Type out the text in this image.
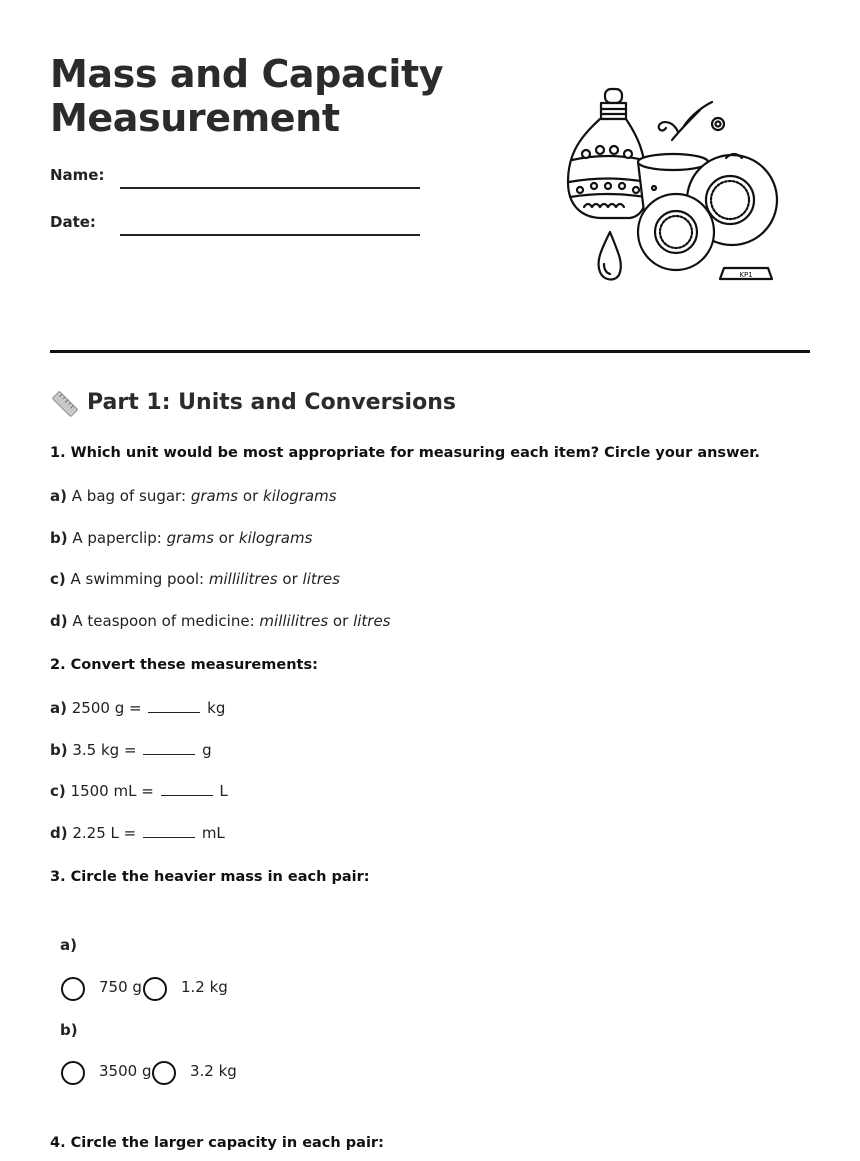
Mass and Capacity
Measurement
Name:
Date:
KP1
Part 1: Units and Conversions
1. Which unit would be most appropriate for measuring each item? Circle your answer.
a) A bag of sugar: grams or kilograms
b) A paperclip: grams or kilograms
c) A swimming pool: millilitres or litres
d) A teaspoon of medicine: millilitres or litres
2. Convert these measurements:
a) 2500 g =	kg
b) 3.5 kg =	g
c) 1500 mL =	L
d) 2.25 L =	mL
3. Circle the heavier mass in each pair:
a)
750 g	1.2 kg
b)
3500 g	3.2 kg
4. Circle the larger capacity in each pair:
